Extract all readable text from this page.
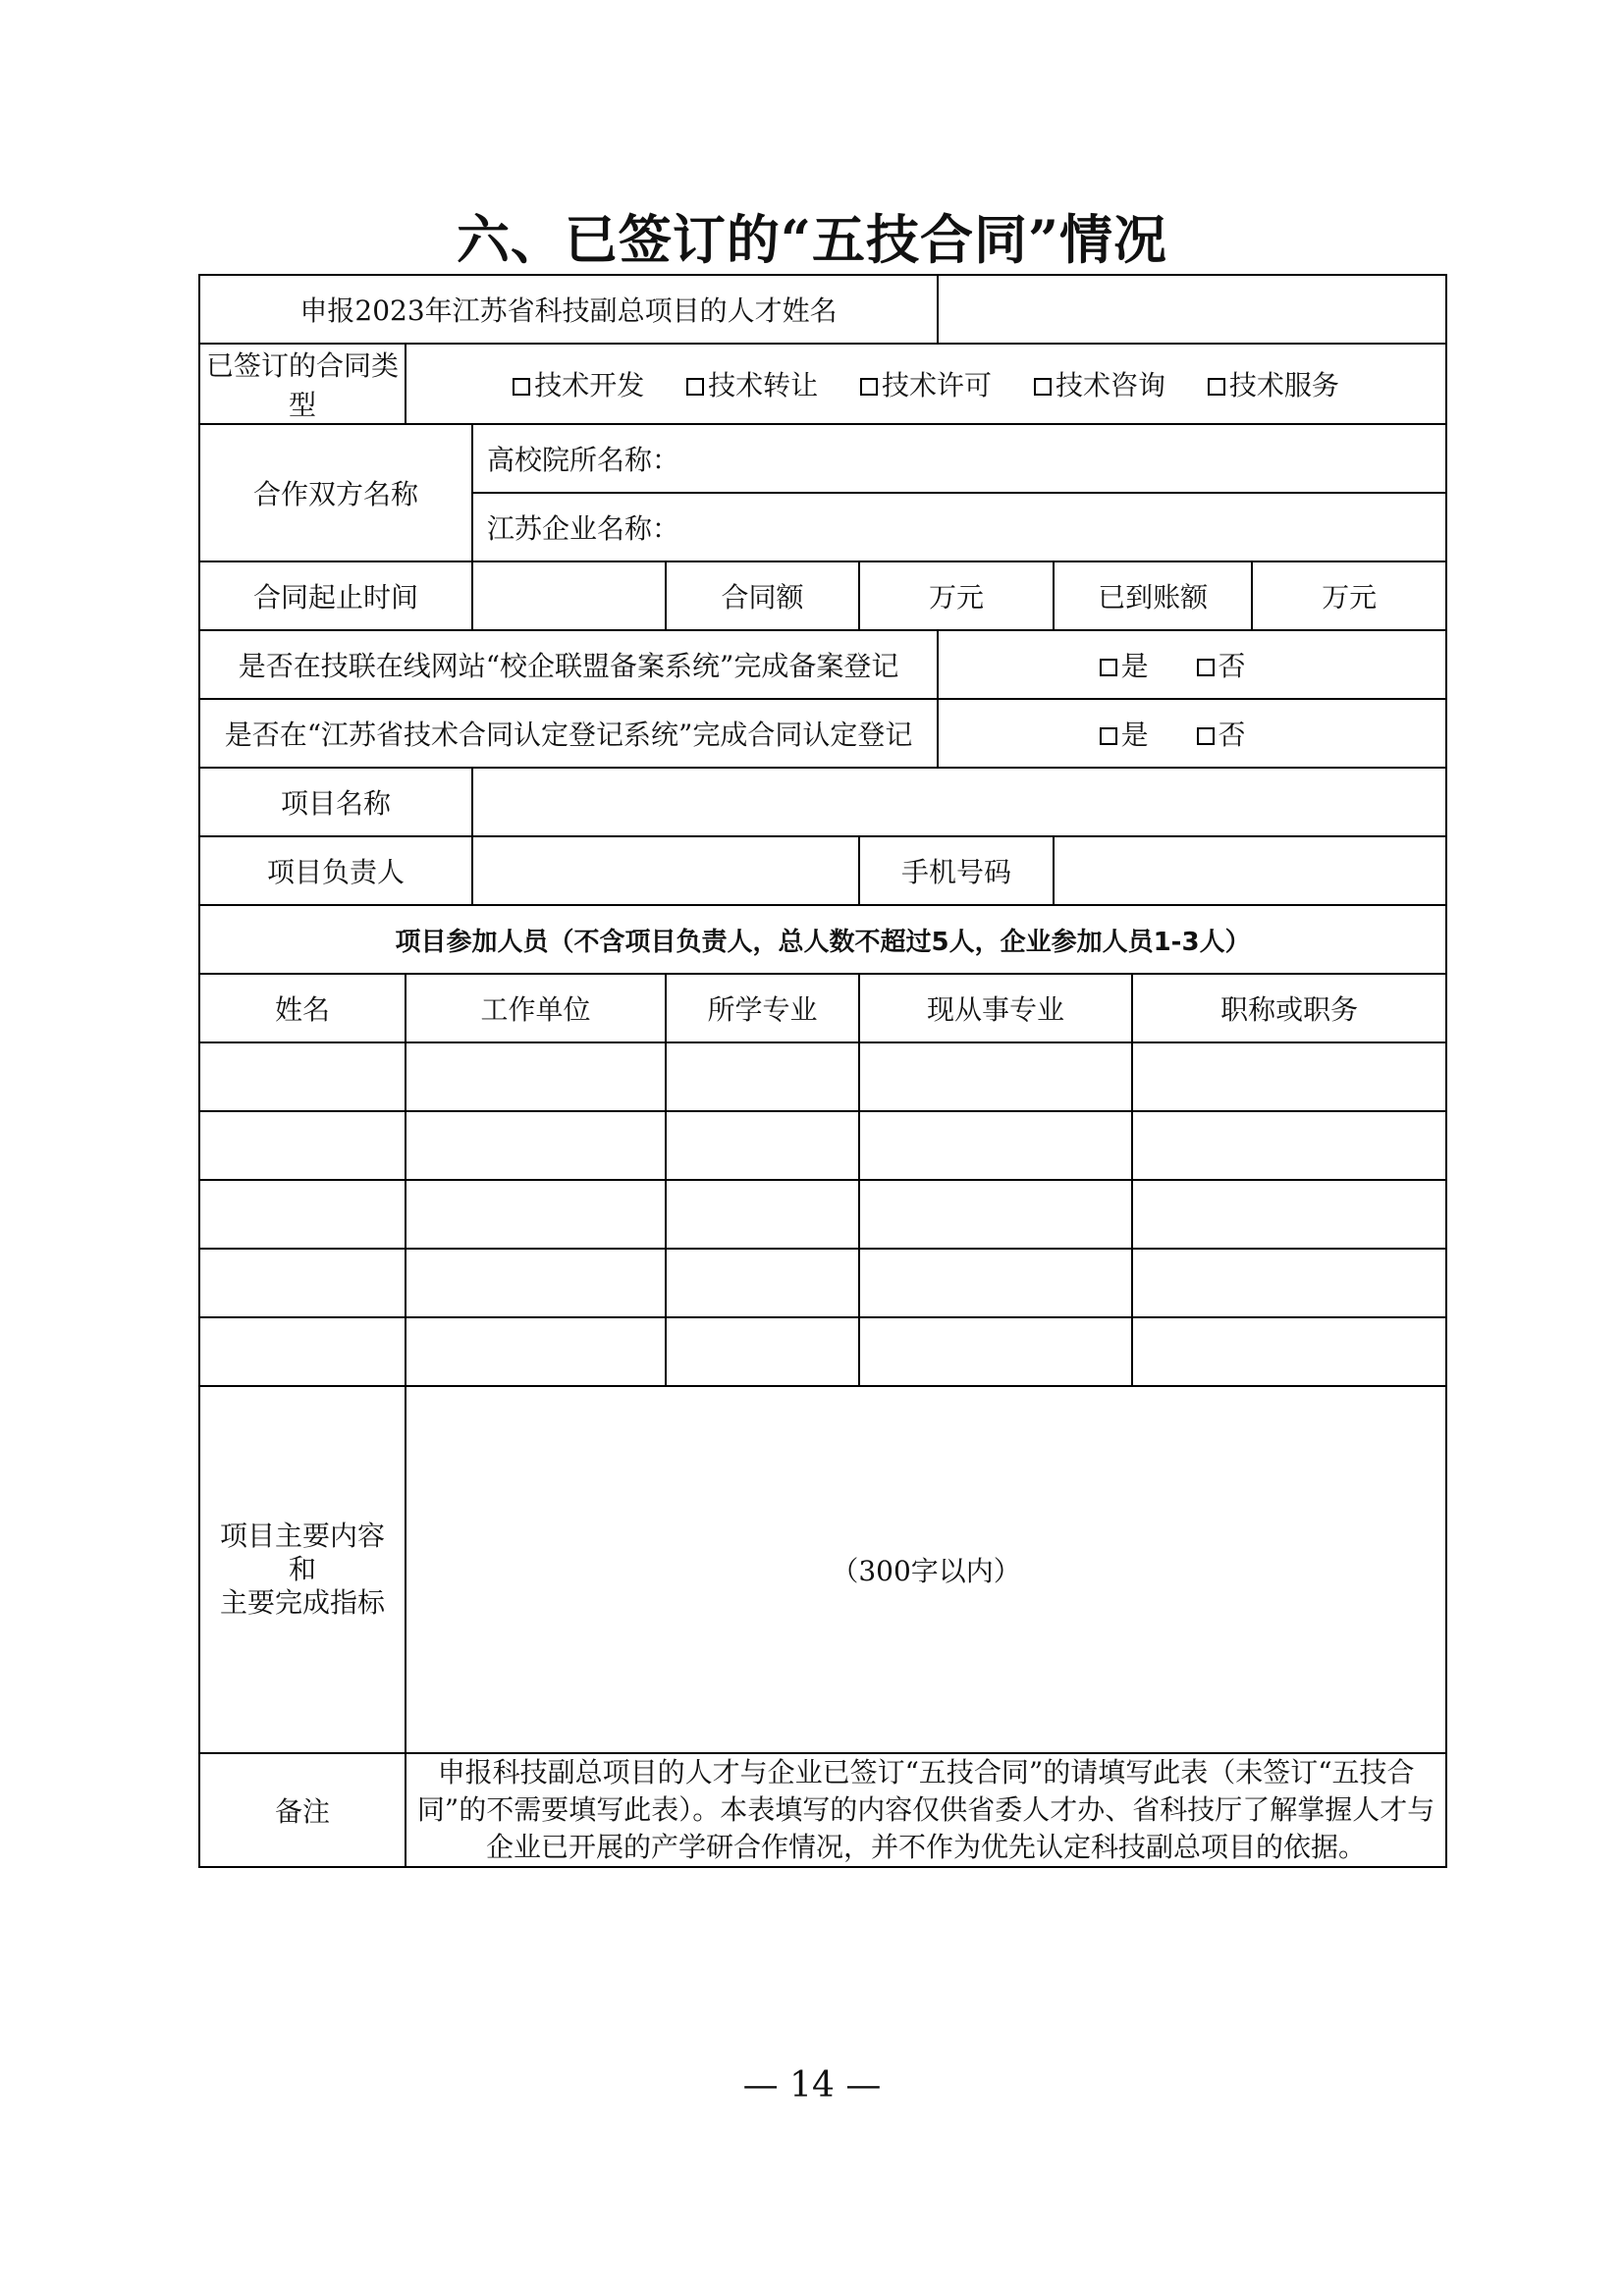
六、已签订的“五技合同”情况
申报2023年江苏省科技副总项目的人才姓名								
已签订的合同类型	技术开发 技术转让 技术许可 技术咨询 技术服务							
合作双方名称		高校院所名称：						
		江苏企业名称：						
合同起止时间			合同额	万元		已到账额		万元
是否在技联在线网站“校企联盟备案系统”完成备案登记					是 否			
是否在“江苏省技术合同认定登记系统”完成合同认定登记					是 否			
项目名称								
项目负责人				手机号码				
项目参加人员（不含项目负责人，总人数不超过5人，企业参加人员1-3人）								
姓名	工作单位		所学专业	现从事专业			职称或职务	

项目主要内容
和
主要完成指标	（300字以内）							
备注	申报科技副总项目的人才与企业已签订“五技合同”的请填写此表（未签订“五技合同”的不需要填写此表）。本表填写的内容仅供省委人才办、省科技厅了解掌握人才与企业已开展的产学研合作情况，并不作为优先认定科技副总项目的依据。							
— 14 —
